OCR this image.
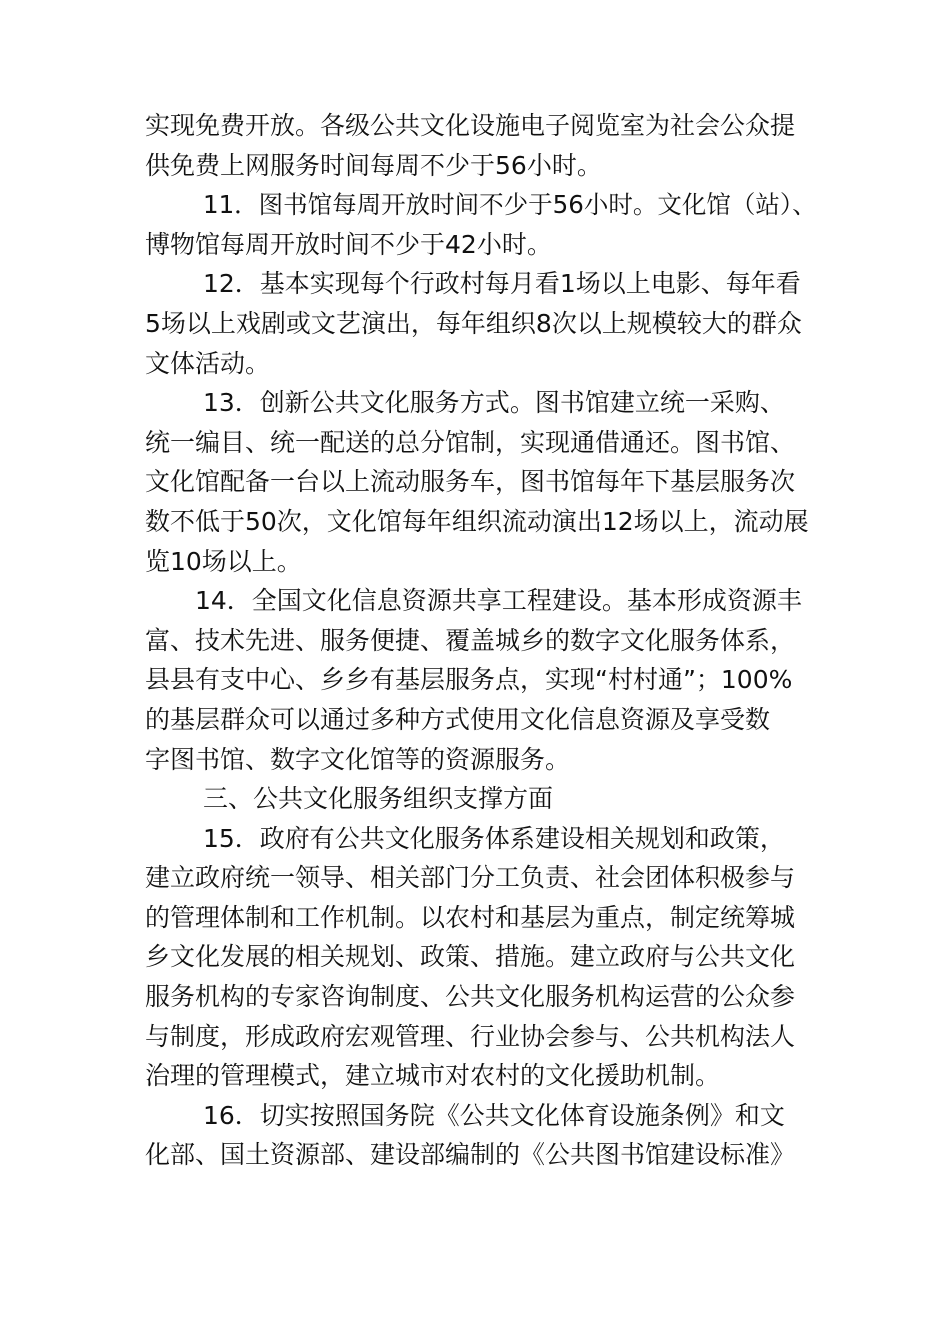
实现免费开放。各级公共文化设施电子阅览室为社会公众提
供免费上网服务时间每周不少于56小时。
11．图书馆每周开放时间不少于56小时。文化馆（站）、
博物馆每周开放时间不少于42小时。
12．基本实现每个行政村每月看1场以上电影、每年看
5场以上戏剧或文艺演出，每年组织8次以上规模较大的群众
文体活动。
13．创新公共文化服务方式。图书馆建立统一采购、
统一编目、统一配送的总分馆制，实现通借通还。图书馆、
文化馆配备一台以上流动服务车，图书馆每年下基层服务次
数不低于50次，文化馆每年组织流动演出12场以上，流动展
览10场以上。
14．全国文化信息资源共享工程建设。基本形成资源丰
富、技术先进、服务便捷、覆盖城乡的数字文化服务体系，
县县有支中心、乡乡有基层服务点，实现“村村通”；100%
的基层群众可以通过多种方式使用文化信息资源及享受数
字图书馆、数字文化馆等的资源服务。
三、公共文化服务组织支撑方面
15．政府有公共文化服务体系建设相关规划和政策，
建立政府统一领导、相关部门分工负责、社会团体积极参与
的管理体制和工作机制。以农村和基层为重点，制定统筹城
乡文化发展的相关规划、政策、措施。建立政府与公共文化
服务机构的专家咨询制度、公共文化服务机构运营的公众参
与制度，形成政府宏观管理、行业协会参与、公共机构法人
治理的管理模式，建立城市对农村的文化援助机制。
16．切实按照国务院《公共文化体育设施条例》和文
化部、国土资源部、建设部编制的《公共图书馆建设标准》
